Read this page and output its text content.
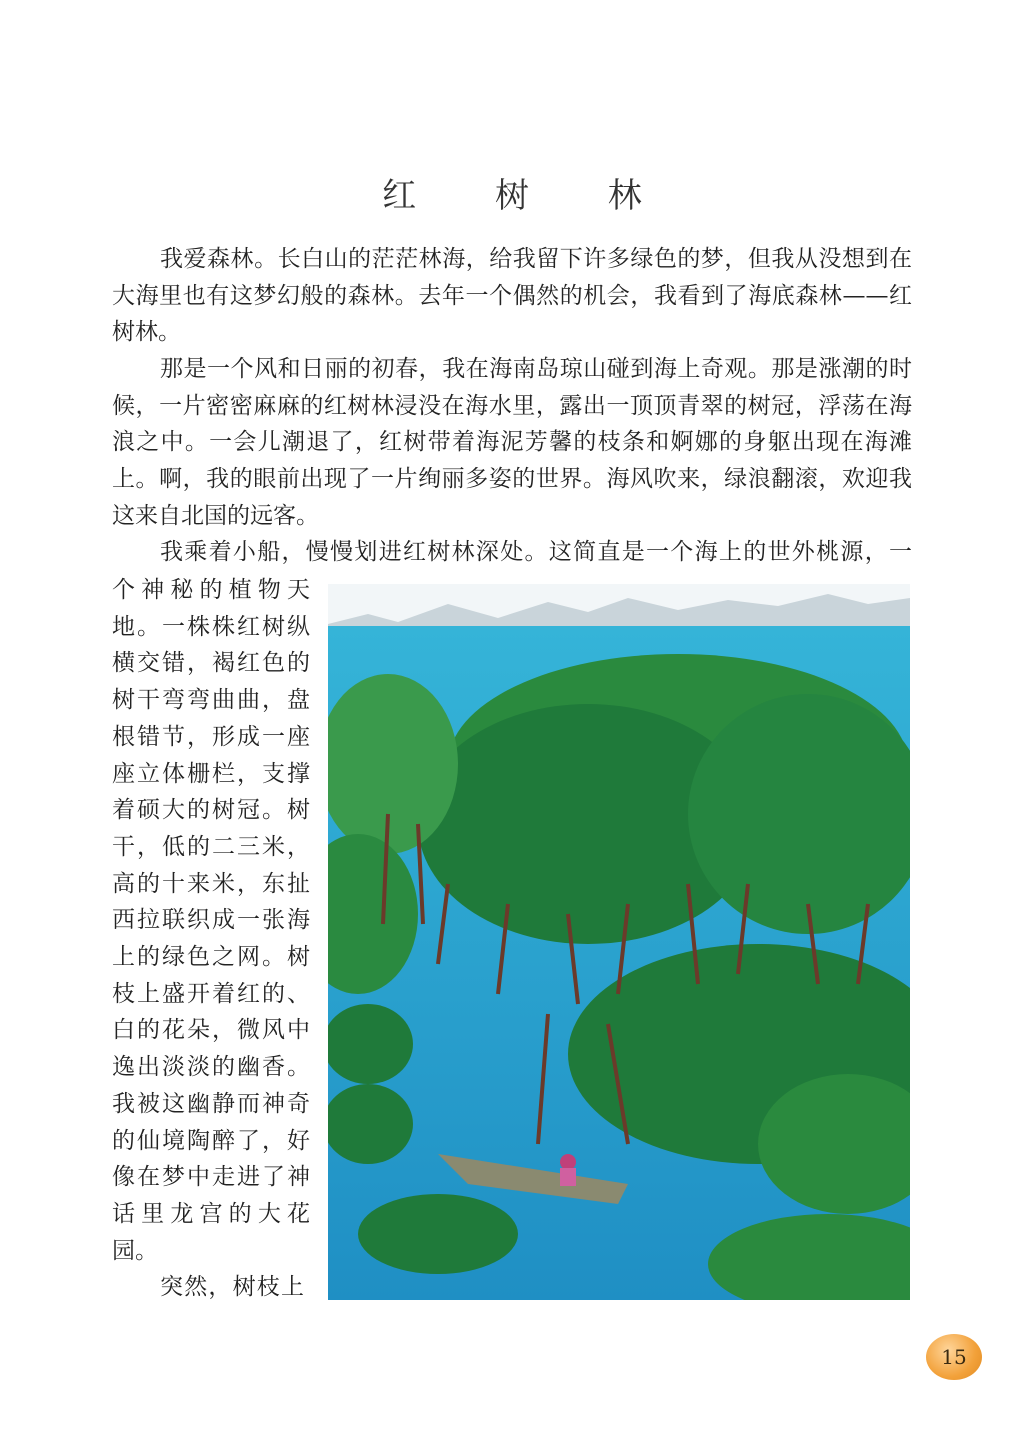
红 树 林
我爱森林。长白山的茫茫林海，给我留下许多绿色的梦，但我从没想到在
大海里也有这梦幻般的森林。去年一个偶然的机会，我看到了海底森林——红
树林。
那是一个风和日丽的初春，我在海南岛琼山碰到海上奇观。那是涨潮的时
候，一片密密麻麻的红树林浸没在海水里，露出一顶顶青翠的树冠，浮荡在海
浪之中。一会儿潮退了，红树带着海泥芳馨的枝条和婀娜的身躯出现在海滩
上。啊，我的眼前出现了一片绚丽多姿的世界。海风吹来，绿浪翻滚，欢迎我
这来自北国的远客。
我乘着小船，慢慢划进红树林深处。这简直是一个海上的世外桃源，一
个神秘的植物天
地。一株株红树纵
横交错，褐红色的
树干弯弯曲曲，盘
根错节，形成一座
座立体栅栏，支撑
着硕大的树冠。树
干，低的二三米，
高的十来米，东扯
西拉联织成一张海
上的绿色之网。树
枝上盛开着红的、
白的花朵，微风中
逸出淡淡的幽香。
我被这幽静而神奇
的仙境陶醉了，好
像在梦中走进了神
话里龙宫的大花
园。
突然，树枝上
15
